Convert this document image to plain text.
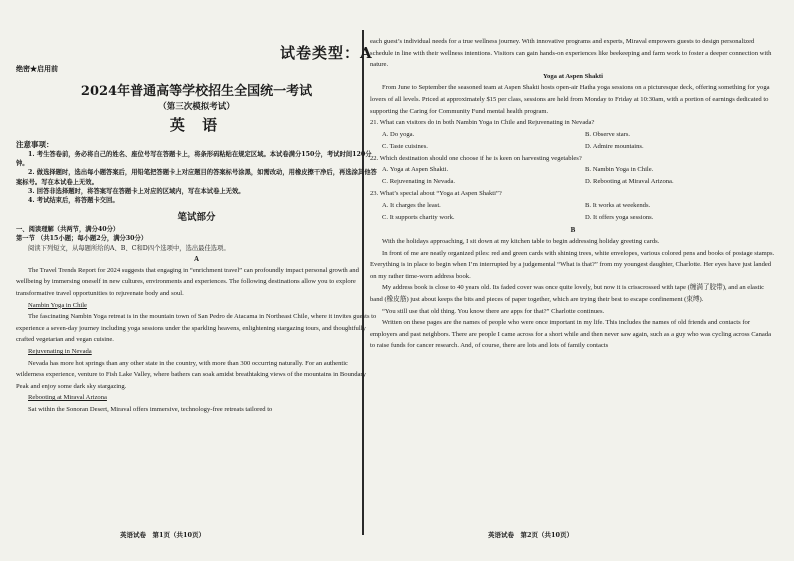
试卷类型：A
绝密★启用前
2024年普通高等学校招生全国统一考试
（第三次模拟考试）
英 语
注意事项：

1. 考生答卷前，务必将自己的姓名、座位号写在答题卡上，将条形码粘贴在规定区域。本试卷满分150分，考试时间120分钟。

2. 做选择题时，选出每小题答案后，用铅笔把答题卡上对应题目的答案标号涂黑，如需改动，用橡皮擦干净后，再选涂其他答案标号。写在本试卷上无效。

3. 回答非选择题时，将答案写在答题卡上对应的区域内，写在本试卷上无效。

4. 考试结束后，将答题卡交回。

笔试部分

一、阅读理解（共两节，满分40分）

第一节 （共15小题；每小题2分，满分30分）

阅读下列短文，从每题所给的A、B、C和D四个选项中，选出最佳选项。

A

The Travel Trends Report for 2024 suggests that engaging in “enrichment travel” can profoundly impact personal growth and wellbeing by immersing oneself in new cultures, environments and experiences. The following destinations allow you to explore transformative travel opportunities to rejuvenate body and soul.

Nambin Yoga in Chile

The fascinating Nambin Yoga retreat is in the mountain town of San Pedro de Atacama in Northeast Chile, where it invites guests to experience a seven-day journey including yoga sessions under the sparkling heavens, enlightening stargazing tours, and thoughtfully crafted vegetarian and vegan cuisine.

Rejuvenating in Nevada

Nevada has more hot springs than any other state in the country, with more than 300 occurring naturally. For an authentic wilderness experience, venture to Fish Lake Valley, where bathers can soak amidst breathtaking views of the mountains in Boundary Peak and enjoy some dark sky stargazing.

Rebooting at Miraval Arizona

Sat within the Sonoran Desert, Miraval offers immersive, technology-free retreats tailored to

each guest’s individual needs for a true wellness journey. With innovative programs and experts, Miraval empowers guests to design personalized schedule in line with their wellness intentions. Visitors can gain hands-on experiences like beekeeping and farm work to foster a deeper connection with nature.

Yoga at Aspen Shakti

From June to September the seasoned team at Aspen Shakti hosts open-air Hatha yoga sessions on a picturesque deck, offering something for yoga lovers of all levels. Priced at approximately $15 per class, sessions are held from Monday to Friday at 10:30am, with a portion of earnings dedicated to supporting the Caring for Community Fund mental health program.

21. What can visitors do in both Nambin Yoga in Chile and Rejuvenating in Nevada?

A. Do yoga.	B. Observe stars.
C. Taste cuisines.	D. Admire mountains.

22. Which destination should one choose if he is keen on harvesting vegetables?

A. Yoga at Aspen Shakti.	B. Nambin Yoga in Chile.
C. Rejuvenating in Nevada.	D. Rebooting at Miraval Arizona.

23. What’s special about “Yoga at Aspen Shakti”?

A. It charges the least.	B. It works at weekends.
C. It supports charity work.	D. It offers yoga sessions.
B

With the holidays approaching, I sit down at my kitchen table to begin addressing holiday greeting cards.

In front of me are neatly organized piles: red and green cards with shining trees, white envelopes, various colored pens and books of postage stamps. Everything is in place to begin when I’m interrupted by a judgemental “What is that?” from my youngest daughter, Charlotte. Her eyes have just landed on my rather time-worn address book.

My address book is close to 40 years old. Its faded cover was once quite lovely, but now it is crisscrossed with tape (缠满了胶带), and an elastic band (橡皮筋) just about keeps the bits and pieces of paper together, which are trying their best to escape confinement (束缚).

“You still use that old thing. You know there are apps for that?” Charlotte continues.

Written on these pages are the names of people who were once important in my life. This includes the names of old friends and contacts for employers and past neighbors. There are people I came across for a short while and then never saw again, such as a guy who was cycling across Canada to raise funds for cancer research. And, of course, there are lots and lots of family contacts

英语试卷　第1页（共10页）	英语试卷　第2页（共10页）
